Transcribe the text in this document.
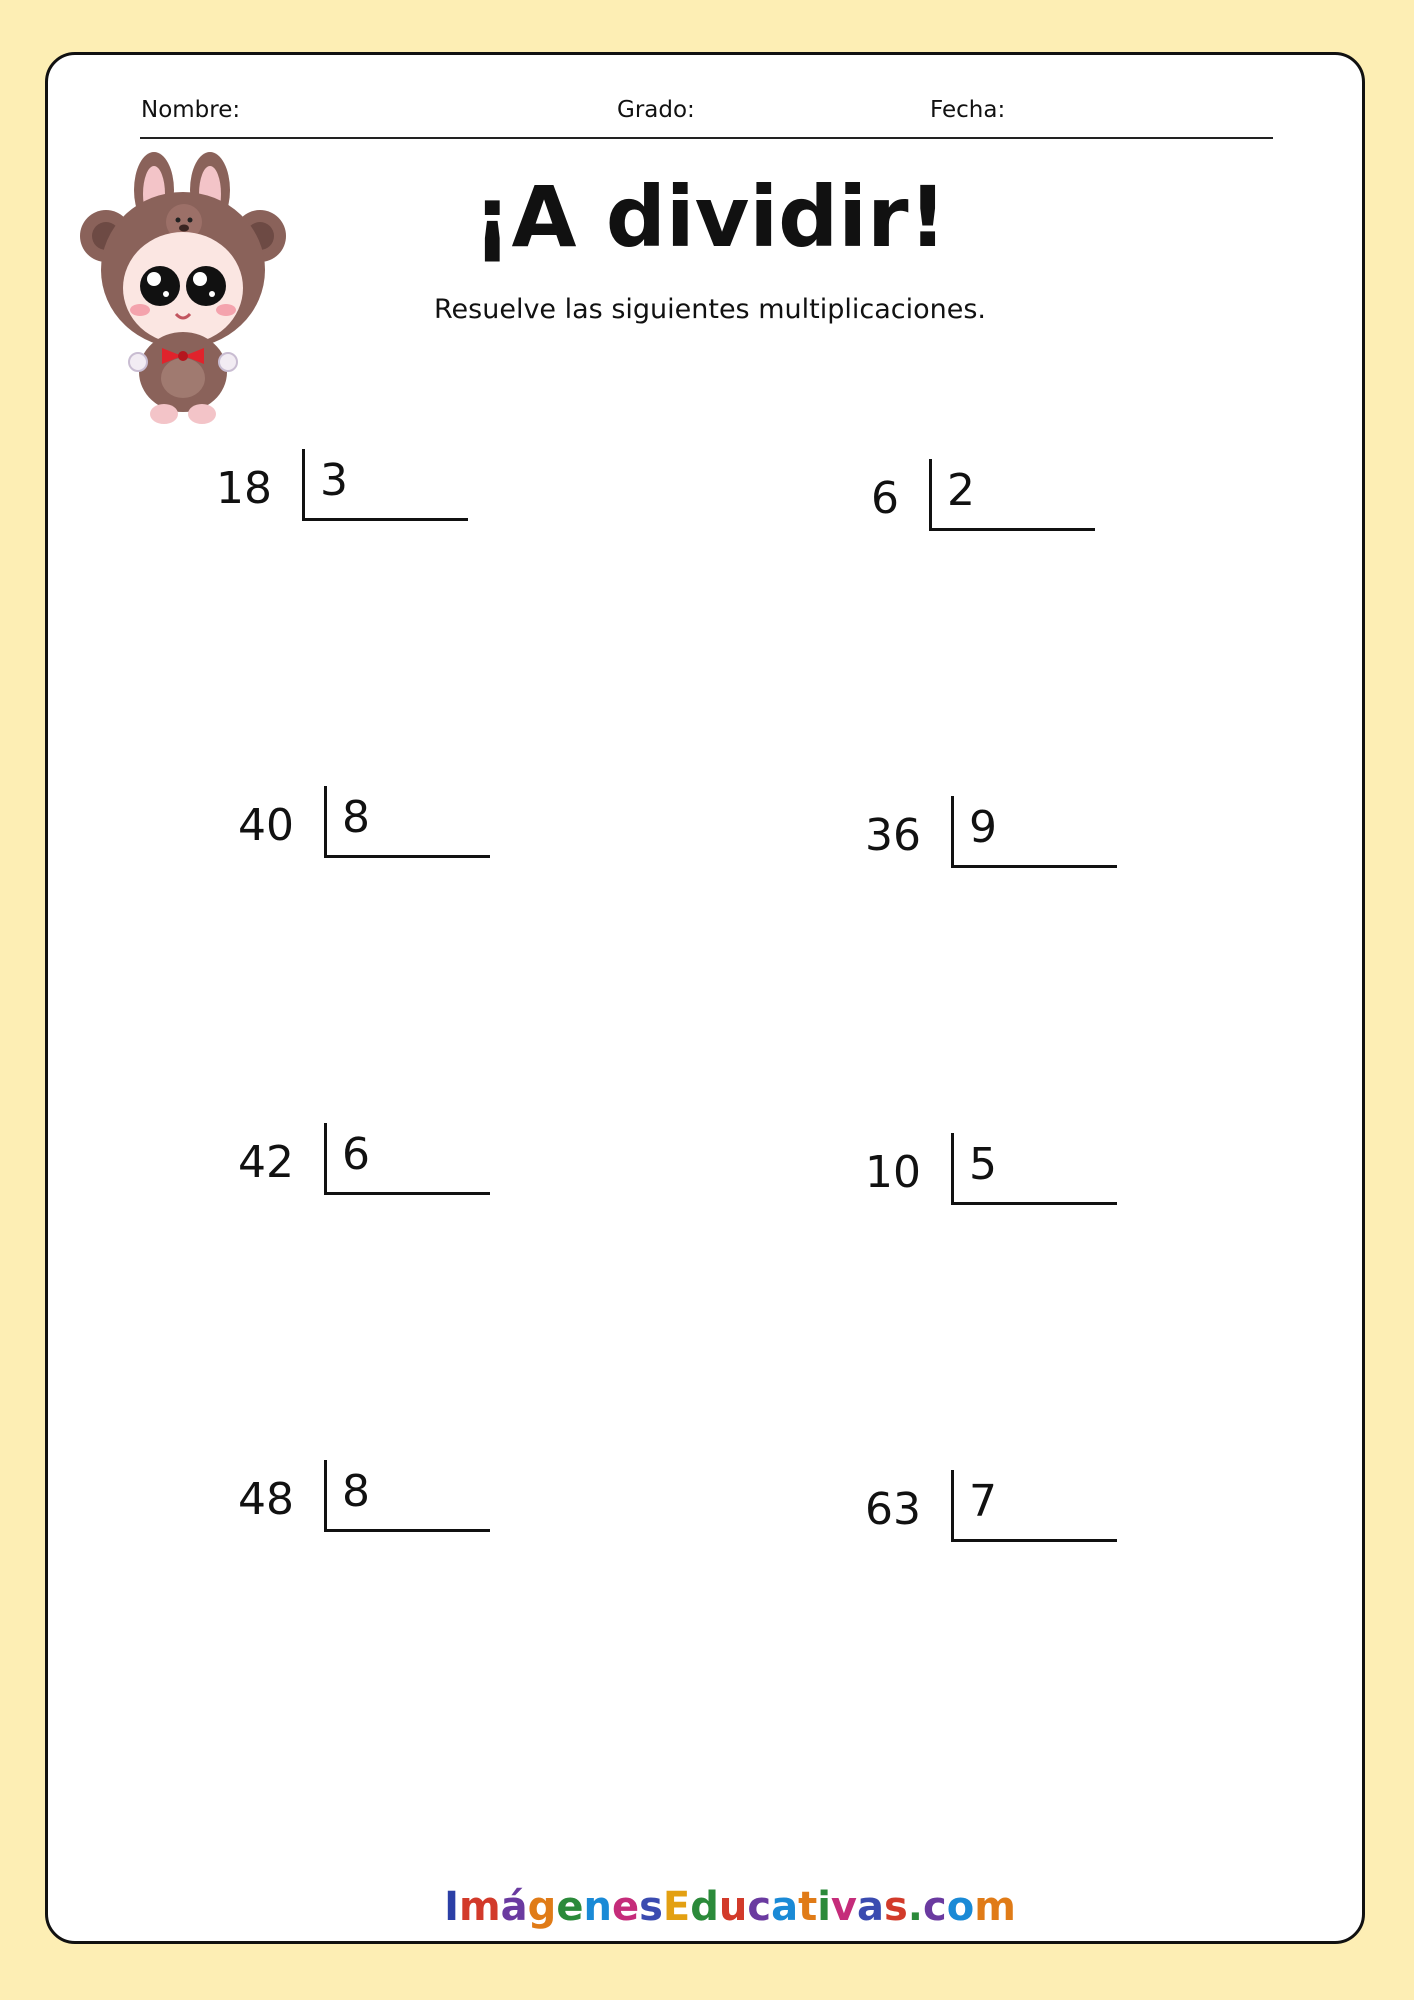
Nombre:	Grado:	Fecha:
¡A dividir!
Resuelve las siguientes multiplicaciones.
18 3	6 2
40 8	36 9
42 6	10 5
48 8	63 7
ImágenesEducativas.com
